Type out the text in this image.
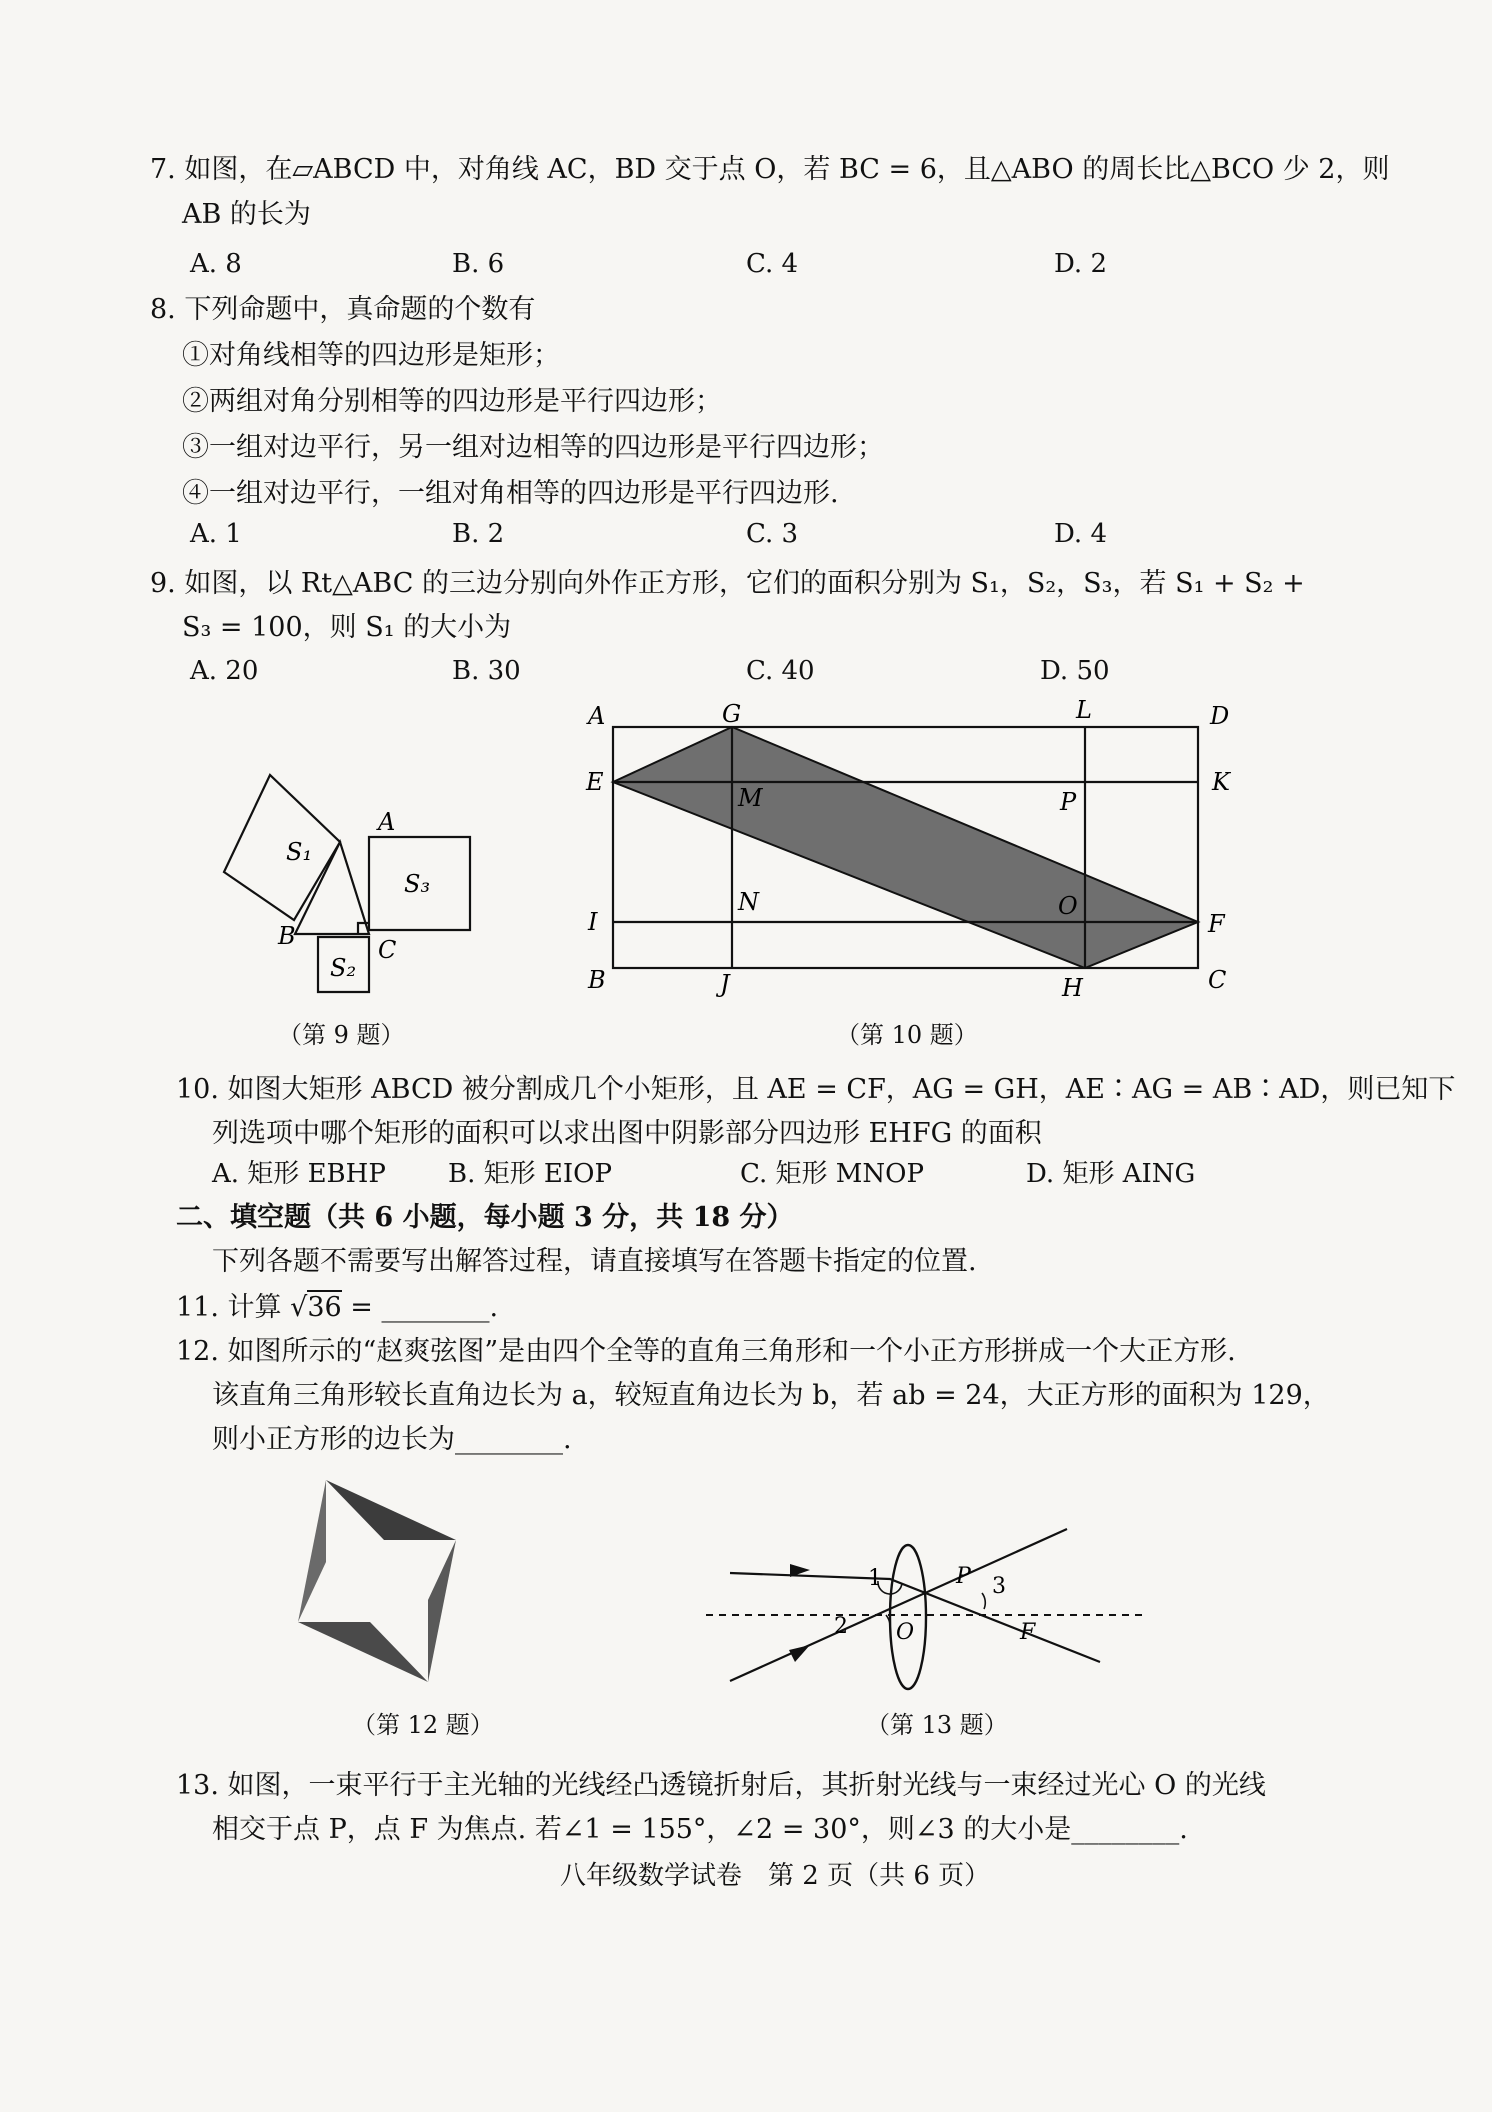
7. 如图，在▱ABCD 中，对角线 AC，BD 交于点 O，若 BC = 6，且△ABO 的周长比△BCO 少 2，则
AB 的长为
A. 8	B. 6	C. 4	D. 2
8. 下列命题中，真命题的个数有
①对角线相等的四边形是矩形；
②两组对角分别相等的四边形是平行四边形；
③一组对边平行，另一组对边相等的四边形是平行四边形；
④一组对边平行，一组对角相等的四边形是平行四边形.
A. 1	B. 2	C. 3	D. 4
9. 如图，以 Rt△ABC 的三边分别向外作正方形，它们的面积分别为 S₁，S₂，S₃，若 S₁ + S₂ +
S₃ = 100，则 S₁ 的大小为
A. 20	B. 30	C. 40	D. 50
A
B	C
S₁
S₃
S₂
（第 9 题）
A	G	L	D
E
M	P
K
I
N	O
F
B	J	H	C
（第 10 题）
10. 如图大矩形 ABCD 被分割成几个小矩形，且 AE = CF，AG = GH，AE∶AG = AB∶AD，则已知下
列选项中哪个矩形的面积可以求出图中阴影部分四边形 EHFG 的面积
A. 矩形 EBHP B. 矩形 EIOP	C. 矩形 MNOP	D. 矩形 AING
二、填空题（共 6 小题，每小题 3 分，共 18 分）
下列各题不需要写出解答过程，请直接填写在答题卡指定的位置.
11. 计算 √36 = ________.
12. 如图所示的“赵爽弦图”是由四个全等的直角三角形和一个小正方形拼成一个大正方形.
该直角三角形较长直角边长为 a，较短直角边长为 b，若 ab = 24，大正方形的面积为 129，
则小正方形的边长为________.
（第 12 题）
1
2
3
P
O	F
（第 13 题）
13. 如图，一束平行于主光轴的光线经凸透镜折射后，其折射光线与一束经过光心 O 的光线
相交于点 P，点 F 为焦点. 若∠1 = 155°，∠2 = 30°，则∠3 的大小是________.
八年级数学试卷　第 2 页（共 6 页）
